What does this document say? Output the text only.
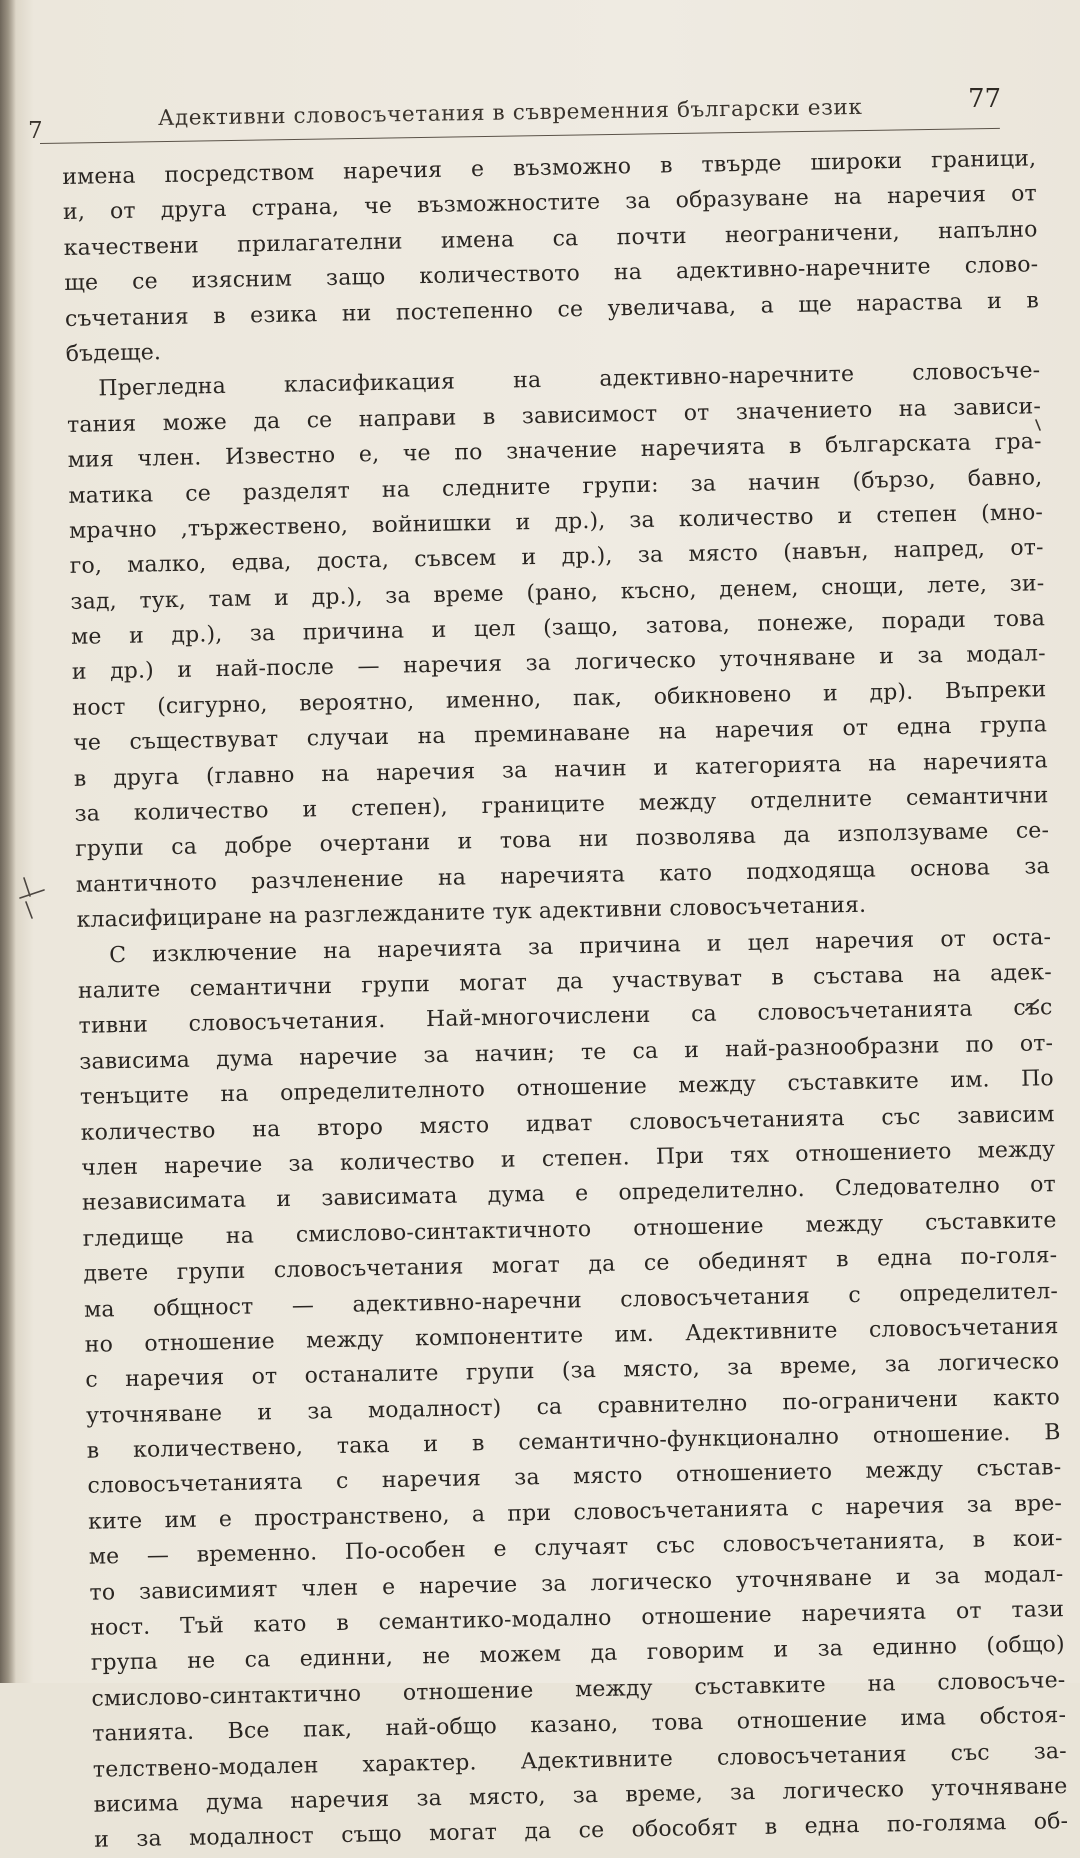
7
Адективни словосъчетания в съвременния български език	77
имена посредством наречия е възможно в твърде широки граници,
и, от друга страна, че възможностите за образуване на наречия от
качествени прилагателни имена са почти неограничени, напълно
ще се изясним защо количеството на адективно-наречните слово-
съчетания в езика ни постепенно се увеличава, а ще нараства и в
бъдеще.
Прегледна класификация на адективно-наречните словосъче-
тания може да се направи в зависимост от значението на зависи-
мия член. Известно е, че по значение наречията в българската гра-
матика се разделят на следните групи: за начин (бързо, бавно,
мрачно ,тържествено, войнишки и др.), за количество и степен (мно-
го, малко, едва, доста, съвсем и др.), за място (навън, напред, от-
зад, тук, там и др.), за време (рано, късно, денем, снощи, лете, зи-
ме и др.), за причина и цел (защо, затова, понеже, поради това
и др.) и най-после — наречия за логическо уточняване и за модал-
ност (сигурно, вероятно, именно, пак, обикновено и др). Въпреки
че съществуват случаи на преминаване на наречия от една група
в друга (главно на наречия за начин и категорията на наречията
за количество и степен), границите между отделните семантични
групи са добре очертани и това ни позволява да използуваме се-
мантичното разчленение на наречията като подходяща основа за
класифициране на разглежданите тук адективни словосъчетания.
С изключение на наречията за причина и цел наречия от оста-
налите семантични групи могат да участвуват в състава на адек-
тивни словосъчетания. Най-многочислени са словосъчетанията със
зависима дума наречие за начин; те са и най-разнообразни по от-
тенъците на определителното отношение между съставките им. По
количество на второ място идват словосъчетанията със зависим
член наречие за количество и степен. При тях отношението между
независимата и зависимата дума е определително. Следователно от
гледище на смислово-синтактичното отношение между съставките
двете групи словосъчетания могат да се обединят в една по-голя-
ма общност — адективно-наречни словосъчетания с определител-
но отношение между компонентите им. Адективните словосъчетания
с наречия от останалите групи (за място, за време, за логическо
уточняване и за модалност) са сравнително по-ограничени както
в количествено, така и в семантично-функционално отношение. В
словосъчетанията с наречия за място отношението между състав-
ките им е пространствено, а при словосъчетанията с наречия за вре-
ме — временно. По-особен е случаят със словосъчетанията, в кои-
то зависимият член е наречие за логическо уточняване и за модал-
ност. Тъй като в семантико-модално отношение наречията от тази
група не са единни, не можем да говорим и за единно (общо)
смислово-синтактично отношение между съставките на словосъче-
танията. Все пак, най-общо казано, това отношение има обстоя-
телствено-модален характер. Адективните словосъчетания със за-
висима дума наречия за място, за време, за логическо уточняване
и за модалност също могат да се обособят в една по-голяма об-
